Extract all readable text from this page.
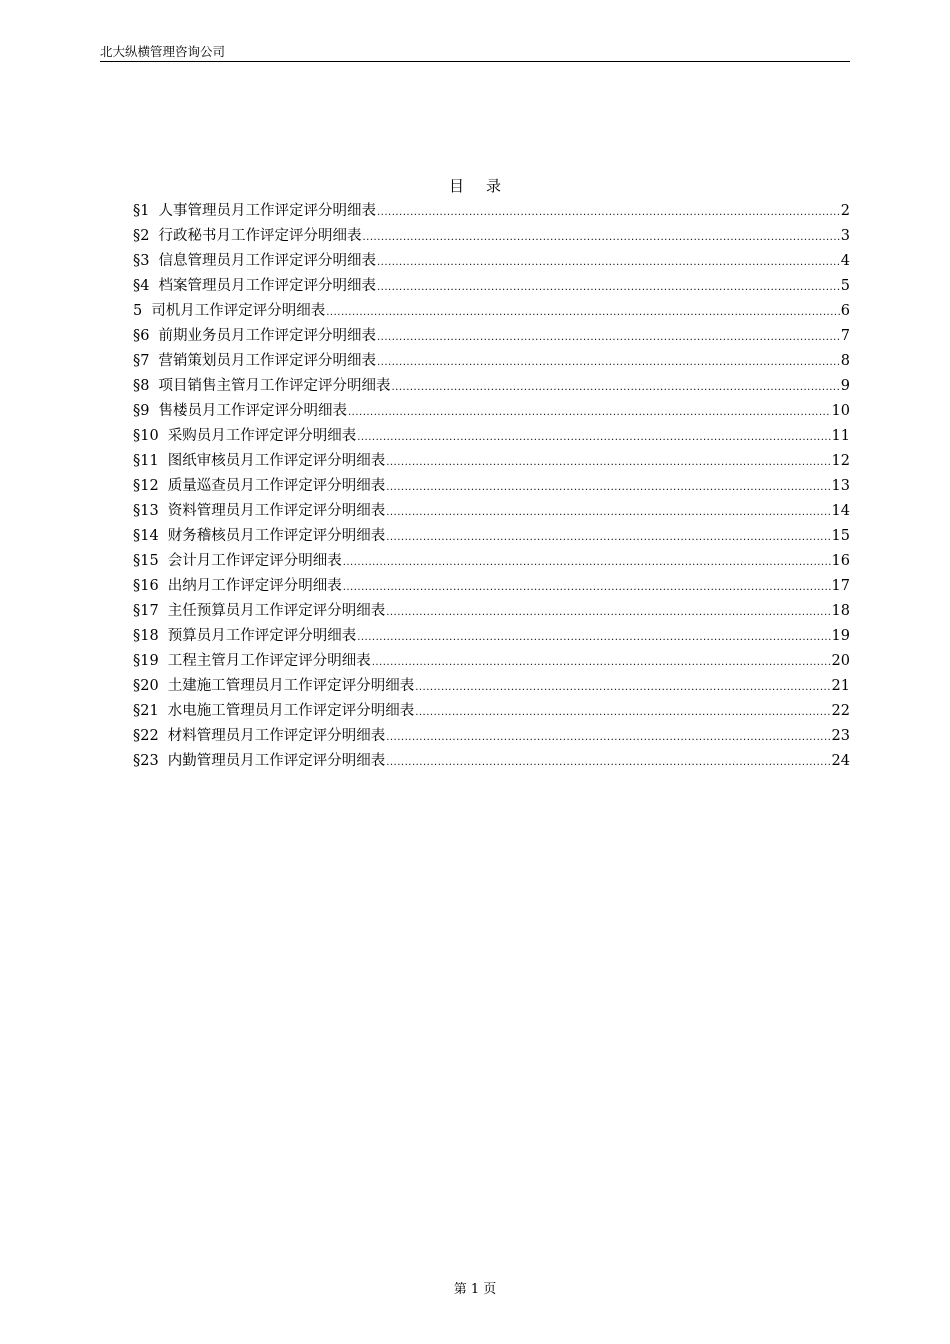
北大纵横管理咨询公司
目录
§1 人事管理员月工作评定评分明细表 .....	2
§2 行政秘书月工作评定评分明细表 .....	3
§3 信息管理员月工作评定评分明细表 .....	4
§4 档案管理员月工作评定评分明细表 .....	5
5 司机月工作评定评分明细表 .....	6
§6 前期业务员月工作评定评分明细表 .....	7
§7 营销策划员月工作评定评分明细表 .....	8
§8 项目销售主管月工作评定评分明细表 .....	9
§9 售楼员月工作评定评分明细表 .....	10
§10 采购员月工作评定评分明细表 .....	11
§11 图纸审核员月工作评定评分明细表 .....	12
§12 质量巡查员月工作评定评分明细表 .....	13
§13 资料管理员月工作评定评分明细表 .....	14
§14 财务稽核员月工作评定评分明细表 .....	15
§15 会计月工作评定评分明细表 .....	16
§16 出纳月工作评定评分明细表 .....	17
§17 主任预算员月工作评定评分明细表 .....	18
§18 预算员月工作评定评分明细表 .....	19
§19 工程主管月工作评定评分明细表 .....	20
§20 土建施工管理员月工作评定评分明细表 .....	21
§21 水电施工管理员月工作评定评分明细表 .....	22
§22 材料管理员月工作评定评分明细表 .....	23
§23 内勤管理员月工作评定评分明细表 .....	24
第 1 页
